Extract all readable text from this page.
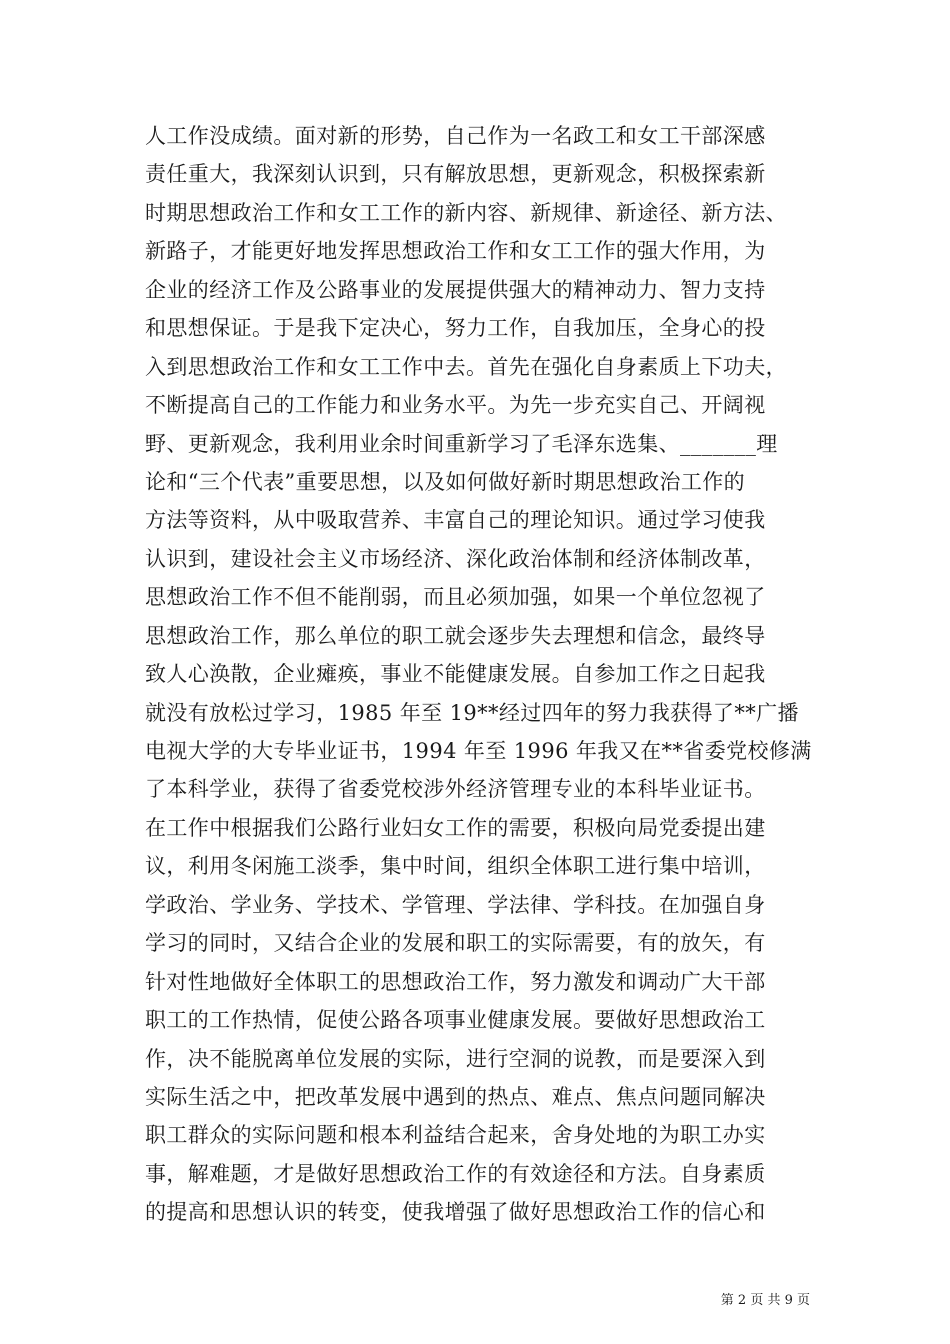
人工作没成绩。面对新的形势，自己作为一名政工和女工干部深感
责任重大，我深刻认识到，只有解放思想，更新观念，积极探索新
时期思想政治工作和女工工作的新内容、新规律、新途径、新方法、
新路子，才能更好地发挥思想政治工作和女工工作的强大作用，为
企业的经济工作及公路事业的发展提供强大的精神动力、智力支持
和思想保证。于是我下定决心，努力工作，自我加压，全身心的投
入到思想政治工作和女工工作中去。首先在强化自身素质上下功夫，
不断提高自己的工作能力和业务水平。为先一步充实自己、开阔视
野、更新观念，我利用业余时间重新学习了毛泽东选集、_______理
论和“三个代表”重要思想，以及如何做好新时期思想政治工作的
方法等资料，从中吸取营养、丰富自己的理论知识。通过学习使我
认识到，建设社会主义市场经济、深化政治体制和经济体制改革，
思想政治工作不但不能削弱，而且必须加强，如果一个单位忽视了
思想政治工作，那么单位的职工就会逐步失去理想和信念，最终导
致人心涣散，企业瘫痪，事业不能健康发展。自参加工作之日起我
就没有放松过学习，1985 年至 19**经过四年的努力我获得了**广播
电视大学的大专毕业证书，1994 年至 1996 年我又在**省委党校修满
了本科学业，获得了省委党校涉外经济管理专业的本科毕业证书。
在工作中根据我们公路行业妇女工作的需要，积极向局党委提出建
议，利用冬闲施工淡季，集中时间，组织全体职工进行集中培训，
学政治、学业务、学技术、学管理、学法律、学科技。在加强自身
学习的同时，又结合企业的发展和职工的实际需要，有的放矢，有
针对性地做好全体职工的思想政治工作，努力激发和调动广大干部
职工的工作热情，促使公路各项事业健康发展。要做好思想政治工
作，决不能脱离单位发展的实际，进行空洞的说教，而是要深入到
实际生活之中，把改革发展中遇到的热点、难点、焦点问题同解决
职工群众的实际问题和根本利益结合起来，舍身处地的为职工办实
事，解难题，才是做好思想政治工作的有效途径和方法。自身素质
的提高和思想认识的转变，使我增强了做好思想政治工作的信心和
第 2 页 共 9 页
